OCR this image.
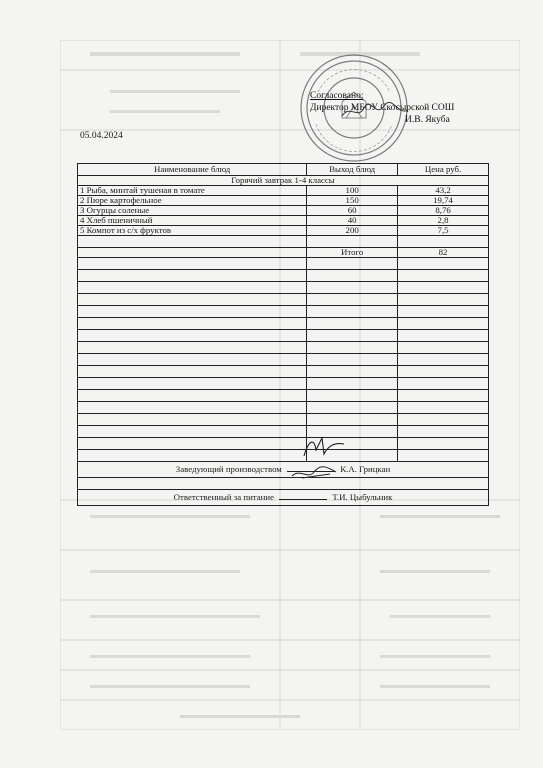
Согласовано:
Директор МБОУ Скосырской СОШ
И.В. Якуба
05.04.2024
Наименование блюд	Выход блюд	Цена руб.
Горячий завтрак 1-4 классы		
1 Рыба, минтай тушеная в томате	100	43,2
2 Пюре картофельное	150	19,74
3 Огурцы соленые	60	8,76
4 Хлеб пшеничный	40	2,8
5 Компот из с/х фруктов	200	7,5

	Итого	82

Заведующий производством К.А. Грицкан		

Ответственный за питание Т.И. Цыбульник		
